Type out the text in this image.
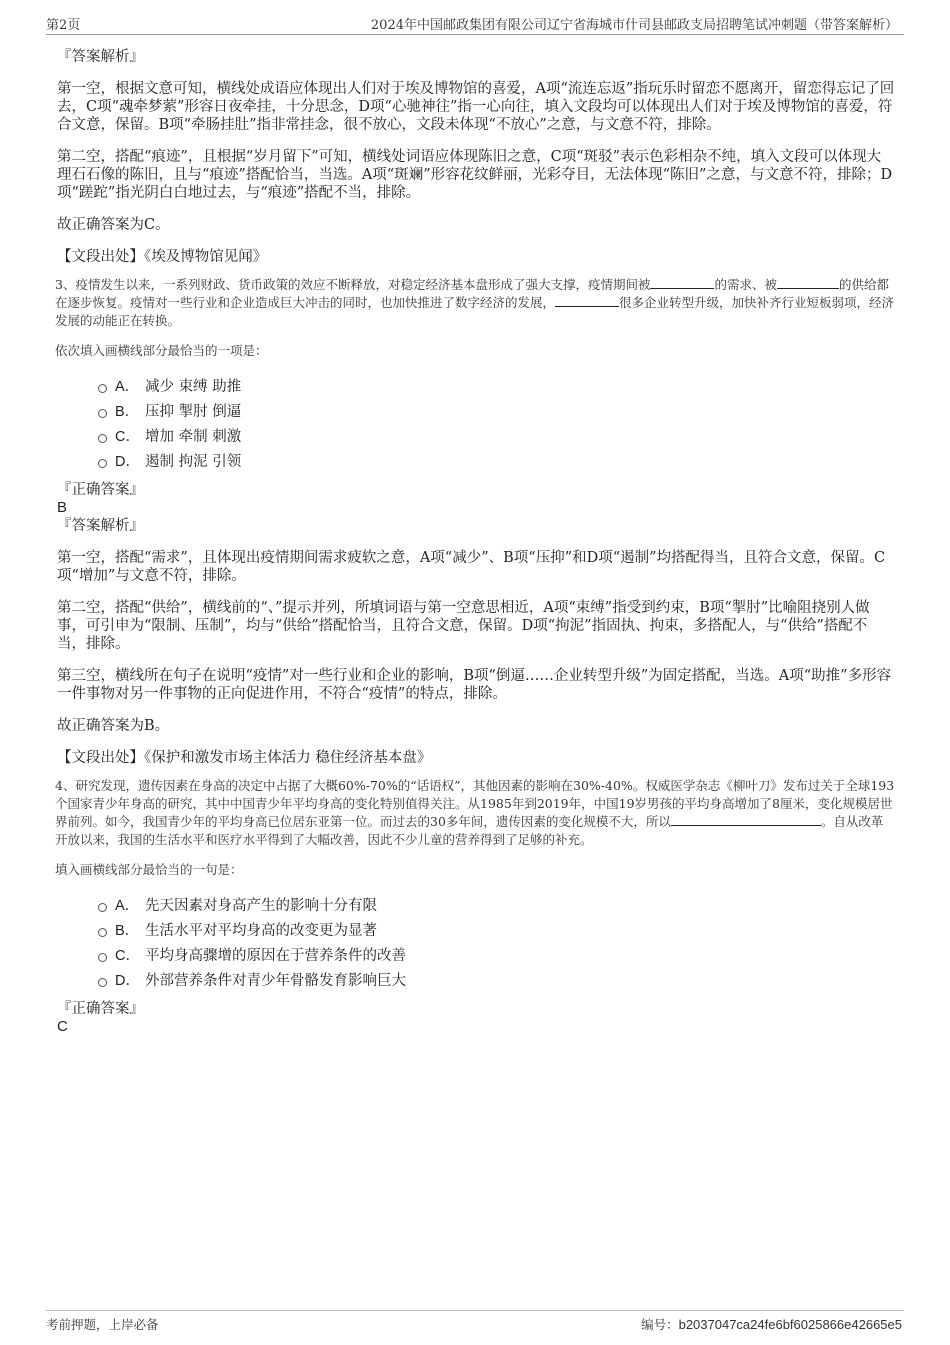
第2页	2024年中国邮政集团有限公司辽宁省海城市什司县邮政支局招聘笔试冲刺题（带答案解析）

『答案解析』

第一空，根据文意可知，横线处成语应体现出人们对于埃及博物馆的喜爱，A项“流连忘返”指玩乐时留恋不愿离开，留恋得忘记了回去，C项“魂牵梦萦”形容日夜牵挂，十分思念，D项“心驰神往”指一心向往，填入文段均可以体现出人们对于埃及博物馆的喜爱，符合文意，保留。B项“牵肠挂肚”指非常挂念，很不放心，文段未体现“不放心”之意，与文意不符，排除。

第二空，搭配“痕迹”，且根据“岁月留下”可知，横线处词语应体现陈旧之意，C项“斑驳”表示色彩相杂不纯，填入文段可以体现大理石石像的陈旧，且与“痕迹”搭配恰当，当选。A项“斑斓”形容花纹鲜丽，光彩夺目，无法体现“陈旧”之意，与文意不符，排除；D项“蹉跎”指光阴白白地过去，与“痕迹”搭配不当，排除。

故正确答案为C。

【文段出处】《埃及博物馆见闻》

3、疫情发生以来，一系列财政、货币政策的效应不断释放，对稳定经济基本盘形成了强大支撑，疫情期间被	的需求、被	的供给都在逐步恢复。疫情对一些行业和企业造成巨大冲击的同时，也加快推进了数字经济的发展，	很多企业转型升级，加快补齐行业短板弱项，经济发展的动能正在转换。

依次填入画横线部分最恰当的一项是：

A． 减少 束缚 助推
B． 压抑 掣肘 倒逼
C． 增加 牵制 刺激
D． 遏制 拘泥 引领

『正确答案』

B

『答案解析』

第一空，搭配“需求”，且体现出疫情期间需求疲软之意，A项“减少”、B项“压抑”和D项“遏制”均搭配得当，且符合文意，保留。C项“增加”与文意不符，排除。

第二空，搭配“供给”，横线前的“、”提示并列，所填词语与第一空意思相近，A项“束缚”指受到约束，B项“掣肘”比喻阻挠别人做事，可引申为“限制、压制”，均与“供给”搭配恰当，且符合文意，保留。D项“拘泥”指固执、拘束，多搭配人，与“供给”搭配不当，排除。

第三空，横线所在句子在说明“疫情”对一些行业和企业的影响，B项“倒逼……企业转型升级”为固定搭配，当选。A项“助推”多形容一件事物对另一件事物的正向促进作用，不符合“疫情”的特点，排除。

故正确答案为B。

【文段出处】《保护和激发市场主体活力 稳住经济基本盘》

4、研究发现，遗传因素在身高的决定中占据了大概60%-70%的“话语权”，其他因素的影响在30%-40%。权威医学杂志《柳叶刀》发布过关于全球193个国家青少年身高的研究，其中中国青少年平均身高的变化特别值得关注。从1985年到2019年，中国19岁男孩的平均身高增加了8厘米，变化规模居世界前列。如今，我国青少年的平均身高已位居东亚第一位。而过去的30多年间，遗传因素的变化规模不大，所以	。自从改革开放以来，我国的生活水平和医疗水平得到了大幅改善，因此不少儿童的营养得到了足够的补充。

填入画横线部分最恰当的一句是：

A． 先天因素对身高产生的影响十分有限
B． 生活水平对平均身高的改变更为显著
C． 平均身高骤增的原因在于营养条件的改善
D． 外部营养条件对青少年骨骼发育影响巨大

『正确答案』

C

考前押题，上岸必备	编号：b2037047ca24fe6bf6025866e42665e5
